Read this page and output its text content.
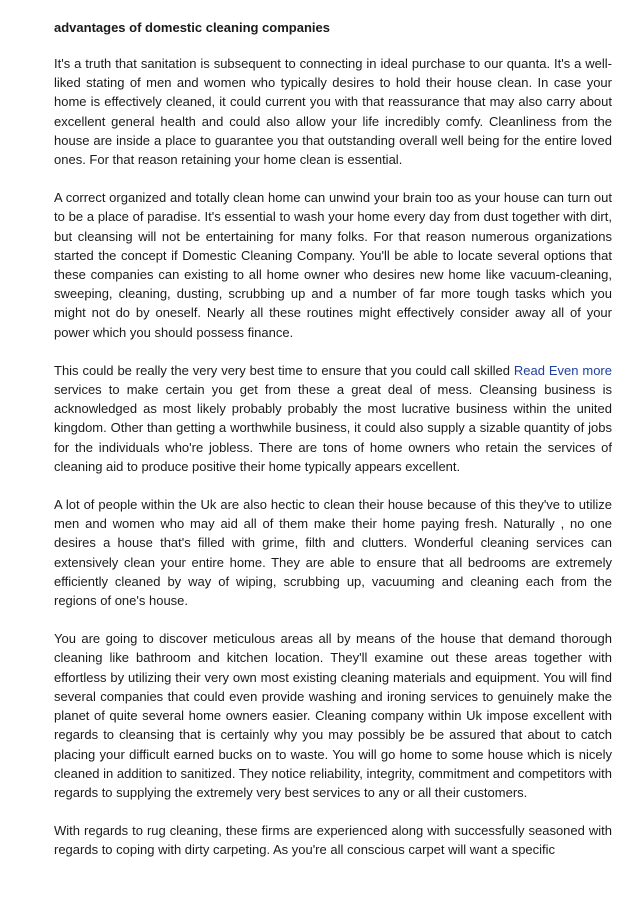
advantages of domestic cleaning companies

It's a truth that sanitation is subsequent to connecting in ideal purchase to our quanta. It's a well-liked stating of men and women who typically desires to hold their house clean. In case your home is effectively cleaned, it could current you with that reassurance that may also carry about excellent general health and could also allow your life incredibly comfy. Cleanliness from the house are inside a place to guarantee you that outstanding overall well being for the entire loved ones. For that reason retaining your home clean is essential.

A correct organized and totally clean home can unwind your brain too as your house can turn out to be a place of paradise. It's essential to wash your home every day from dust together with dirt, but cleansing will not be entertaining for many folks. For that reason numerous organizations started the concept if Domestic Cleaning Company. You'll be able to locate several options that these companies can existing to all home owner who desires new home like vacuum-cleaning, sweeping, cleaning, dusting, scrubbing up and a number of far more tough tasks which you might not do by oneself. Nearly all these routines might effectively consider away all of your power which you should possess finance.

This could be really the very very best time to ensure that you could call skilled Read Even more services to make certain you get from these a great deal of mess. Cleansing business is acknowledged as most likely probably probably the most lucrative business within the united kingdom. Other than getting a worthwhile business, it could also supply a sizable quantity of jobs for the individuals who're jobless. There are tons of home owners who retain the services of cleaning aid to produce positive their home typically appears excellent.

A lot of people within the Uk are also hectic to clean their house because of this they've to utilize men and women who may aid all of them make their home paying fresh. Naturally , no one desires a house that's filled with grime, filth and clutters. Wonderful cleaning services can extensively clean your entire home. They are able to ensure that all bedrooms are extremely efficiently cleaned by way of wiping, scrubbing up, vacuuming and cleaning each from the regions of one's house.

You are going to discover meticulous areas all by means of the house that demand thorough cleaning like bathroom and kitchen location. They'll examine out these areas together with effortless by utilizing their very own most existing cleaning materials and equipment. You will find several companies that could even provide washing and ironing services to genuinely make the planet of quite several home owners easier. Cleaning company within Uk impose excellent with regards to cleansing that is certainly why you may possibly be be assured that about to catch placing your difficult earned bucks on to waste. You will go home to some house which is nicely cleaned in addition to sanitized. They notice reliability, integrity, commitment and competitors with regards to supplying the extremely very best services to any or all their customers.

With regards to rug cleaning, these firms are experienced along with successfully seasoned with regards to coping with dirty carpeting. As you're all conscious carpet will want a specific
